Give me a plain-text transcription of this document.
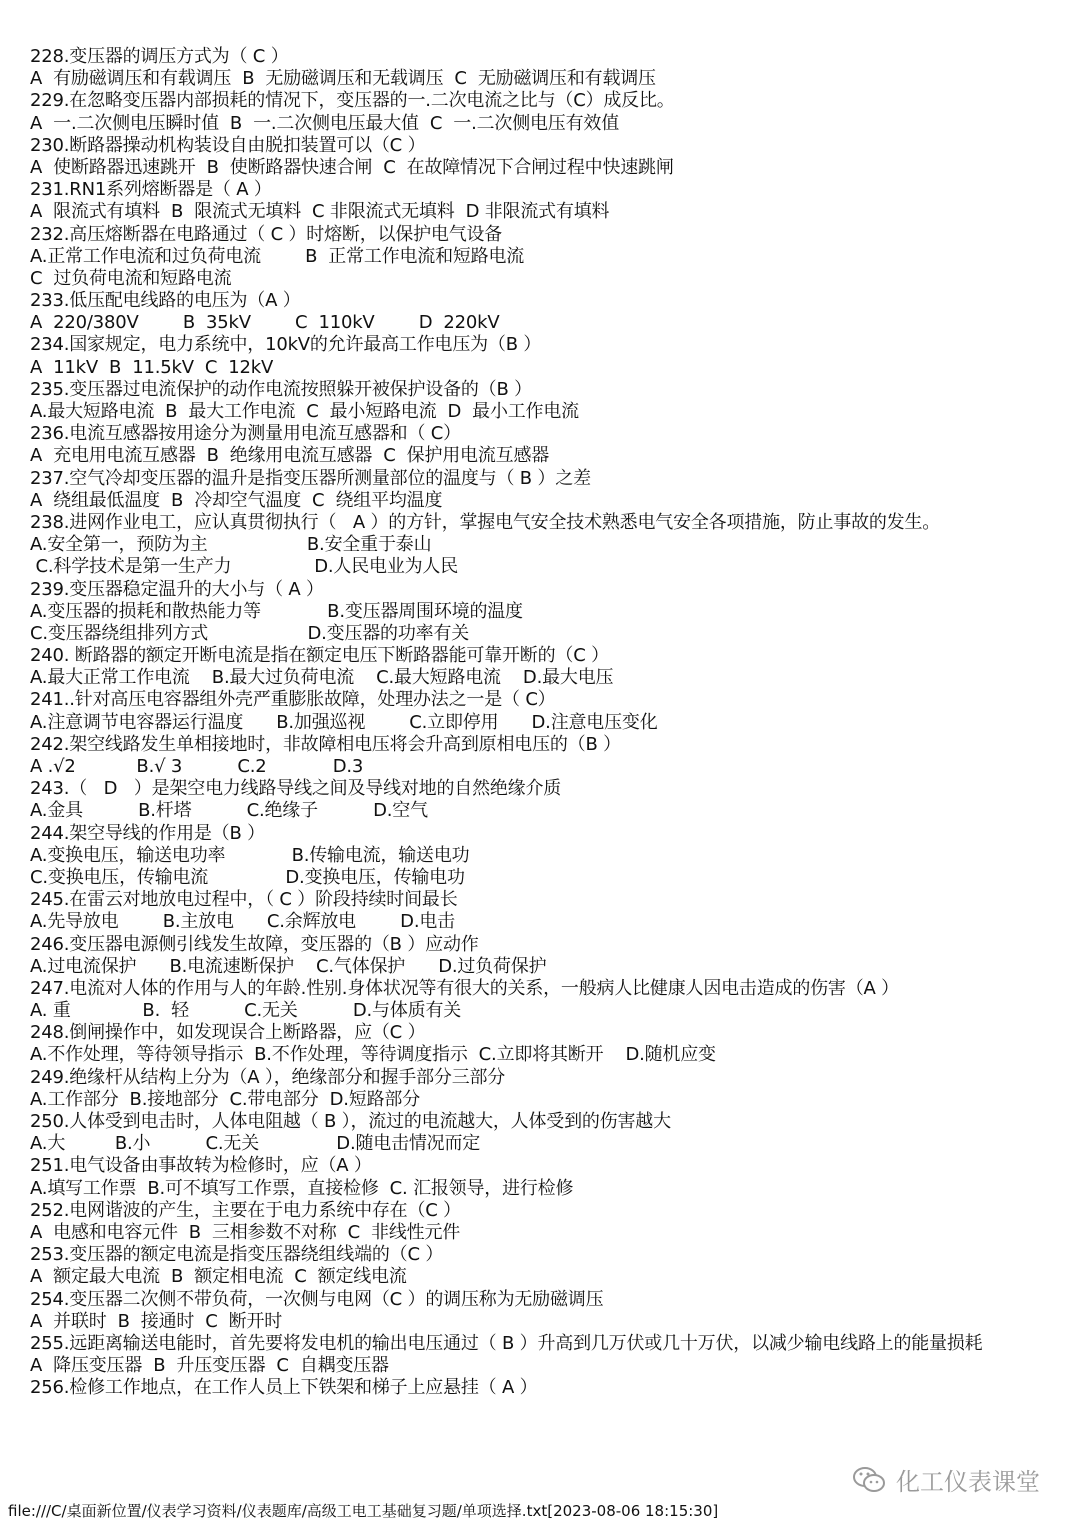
228.变压器的调压方式为（ C ）
A  有励磁调压和有载调压  B  无励磁调压和无载调压  C  无励磁调压和有载调压
229.在忽略变压器内部损耗的情况下，变压器的一.二次电流之比与（C）成反比。
A  一.二次侧电压瞬时值  B  一.二次侧电压最大值  C  一.二次侧电压有效值
230.断路器操动机构装设自由脱扣装置可以（C ）
A  使断路器迅速跳开  B  使断路器快速合闸  C  在故障情况下合闸过程中快速跳闸
231.RN1系列熔断器是（ A ）
A  限流式有填料  B  限流式无填料  C 非限流式无填料  D 非限流式有填料
232.高压熔断器在电路通过（ C ）时熔断，以保护电气设备
A.正常工作电流和过负荷电流        B  正常工作电流和短路电流
C  过负荷电流和短路电流
233.低压配电线路的电压为（A ）
A  220/380V        B  35kV        C  110kV        D  220kV
234.国家规定，电力系统中，10kV的允许最高工作电压为（B ）
A  11kV  B  11.5kV  C  12kV
235.变压器过电流保护的动作电流按照躲开被保护设备的（B ）
A.最大短路电流  B  最大工作电流  C  最小短路电流  D  最小工作电流
236.电流互感器按用途分为测量用电流互感器和（ C）
A  充电用电流互感器  B  绝缘用电流互感器  C  保护用电流互感器
237.空气冷却变压器的温升是指变压器所测量部位的温度与（ B ）之差
A  绕组最低温度  B  冷却空气温度  C  绕组平均温度
238.进网作业电工，应认真贯彻执行（   A ）的方针，掌握电气安全技术熟悉电气安全各项措施，防止事故的发生。
A.安全第一，预防为主                  B.安全重于泰山
C.科学技术是第一生产力               D.人民电业为人民
239.变压器稳定温升的大小与（ A ）
A.变压器的损耗和散热能力等            B.变压器周围环境的温度
C.变压器绕组排列方式                  D.变压器的功率有关
240. 断路器的额定开断电流是指在额定电压下断路器能可靠开断的（C ）
A.最大正常工作电流    B.最大过负荷电流    C.最大短路电流    D.最大电压
241..针对高压电容器组外壳严重膨胀故障，处理办法之一是（ C）
A.注意调节电容器运行温度      B.加强巡视        C.立即停用      D.注意电压变化
242.架空线路发生单相接地时，非故障相电压将会升高到原相电压的（B ）
A .√2           B.√ 3          C.2            D.3
243.（   D   ）是架空电力线路导线之间及导线对地的自然绝缘介质
A.金具          B.杆塔          C.绝缘子          D.空气
244.架空导线的作用是（B ）
A.变换电压，输送电功率            B.传输电流，输送电功
C.变换电压，传输电流              D.变换电压，传输电功
245.在雷云对地放电过程中，（ C ）阶段持续时间最长
A.先导放电        B.主放电      C.余辉放电        D.电击
246.变压器电源侧引线发生故障，变压器的（B ）应动作
A.过电流保护      B.电流速断保护    C.气体保护      D.过负荷保护
247.电流对人体的作用与人的年龄.性别.身体状况等有很大的关系，一般病人比健康人因电击造成的伤害（A ）
A. 重             B.  轻          C.无关          D.与体质有关
248.倒闸操作中，如发现误合上断路器，应（C ）
A.不作处理，等待领导指示  B.不作处理，等待调度指示  C.立即将其断开    D.随机应变
249.绝缘杆从结构上分为（A ），绝缘部分和握手部分三部分
A.工作部分  B.接地部分  C.带电部分  D.短路部分
250.人体受到电击时，人体电阻越（ B ），流过的电流越大，人体受到的伤害越大
A.大         B.小          C.无关              D.随电击情况而定
251.电气设备由事故转为检修时，应（A ）
A.填写工作票  B.可不填写工作票，直接检修  C. 汇报领导，进行检修
252.电网谐波的产生，主要在于电力系统中存在（C ）
A  电感和电容元件  B  三相参数不对称  C  非线性元件
253.变压器的额定电流是指变压器绕组线端的（C ）
A  额定最大电流  B  额定相电流  C  额定线电流
254.变压器二次侧不带负荷，一次侧与电网（C ）的调压称为无励磁调压
A  并联时  B  接通时  C  断开时
255.远距离输送电能时，首先要将发电机的输出电压通过（ B ）升高到几万伏或几十万伏，以减少输电线路上的能量损耗
A  降压变压器  B  升压变压器  C  自耦变压器
256.检修工作地点，在工作人员上下铁架和梯子上应悬挂（ A ）
化工仪表课堂
file:///C/桌面新位置/仪表学习资料/仪表题库/高级工电工基础复习题/单项选择.txt[2023-08-06 18:15:30]
